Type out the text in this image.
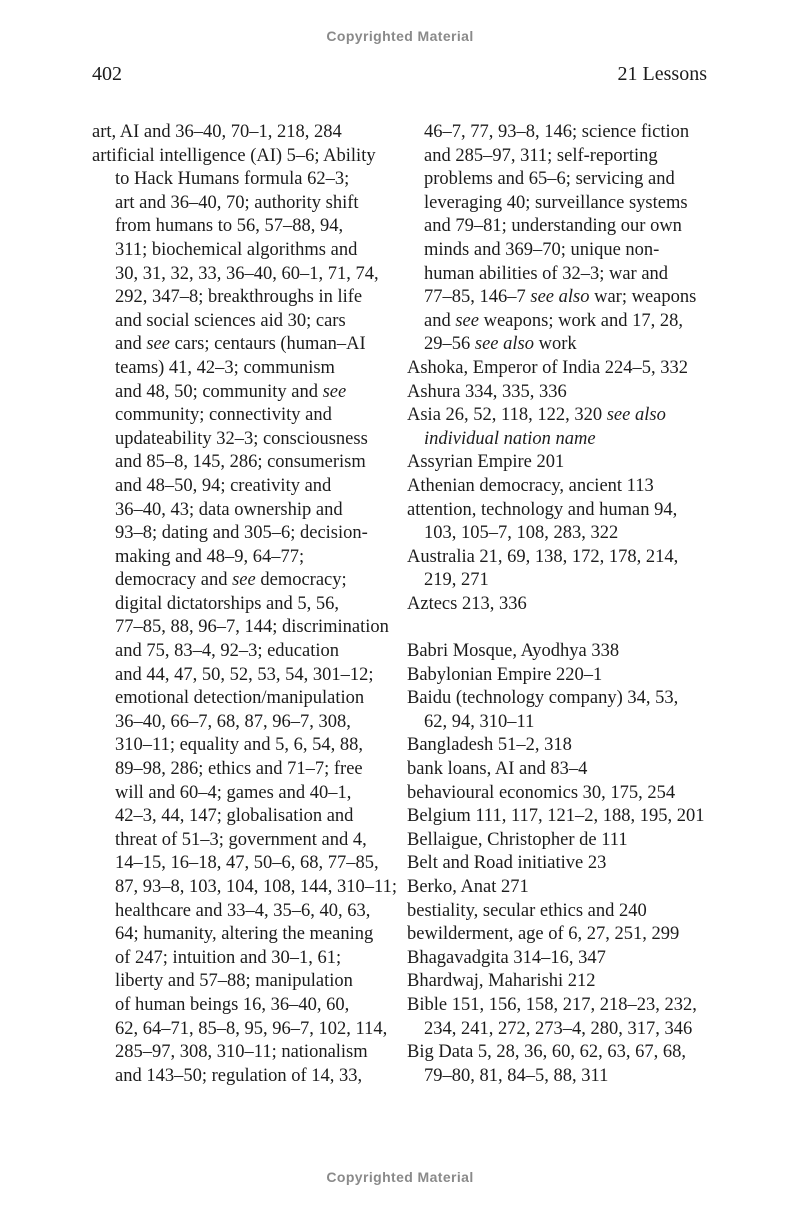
Copyrighted Material
402	21 Lessons
art, AI and 36–40, 70–1, 218, 284
artificial intelligence (AI) 5–6; Ability
to Hack Humans formula 62–3;
art and 36–40, 70; authority shift
from humans to 56, 57–88, 94,
311; biochemical algorithms and
30, 31, 32, 33, 36–40, 60–1, 71, 74,
292, 347–8; breakthroughs in life
and social sciences aid 30; cars
and see cars; centaurs (human–AI
teams) 41, 42–3; communism
and 48, 50; community and see
community; connectivity and
updateability 32–3; consciousness
and 85–8, 145, 286; consumerism
and 48–50, 94; creativity and
36–40, 43; data ownership and
93–8; dating and 305–6; decision-
making and 48–9, 64–77;
democracy and see democracy;
digital dictatorships and 5, 56,
77–85, 88, 96–7, 144; discrimination
and 75, 83–4, 92–3; education
and 44, 47, 50, 52, 53, 54, 301–12;
emotional detection/manipulation
36–40, 66–7, 68, 87, 96–7, 308,
310–11; equality and 5, 6, 54, 88,
89–98, 286; ethics and 71–7; free
will and 60–4; games and 40–1,
42–3, 44, 147; globalisation and
threat of 51–3; government and 4,
14–15, 16–18, 47, 50–6, 68, 77–85,
87, 93–8, 103, 104, 108, 144, 310–11;
healthcare and 33–4, 35–6, 40, 63,
64; humanity, altering the meaning
of 247; intuition and 30–1, 61;
liberty and 57–88; manipulation
of human beings 16, 36–40, 60,
62, 64–71, 85–8, 95, 96–7, 102, 114,
285–97, 308, 310–11; nationalism
and 143–50; regulation of 14, 33,
46–7, 77, 93–8, 146; science fiction
and 285–97, 311; self-reporting
problems and 65–6; servicing and
leveraging 40; surveillance systems
and 79–81; understanding our own
minds and 369–70; unique non-
human abilities of 32–3; war and
77–85, 146–7 see also war; weapons
and see weapons; work and 17, 28,
29–56 see also work
Ashoka, Emperor of India 224–5, 332
Ashura 334, 335, 336
Asia 26, 52, 118, 122, 320 see also
individual nation name
Assyrian Empire 201
Athenian democracy, ancient 113
attention, technology and human 94,
103, 105–7, 108, 283, 322
Australia 21, 69, 138, 172, 178, 214,
219, 271
Aztecs 213, 336
Babri Mosque, Ayodhya 338
Babylonian Empire 220–1
Baidu (technology company) 34, 53,
62, 94, 310–11
Bangladesh 51–2, 318
bank loans, AI and 83–4
behavioural economics 30, 175, 254
Belgium 111, 117, 121–2, 188, 195, 201
Bellaigue, Christopher de 111
Belt and Road initiative 23
Berko, Anat 271
bestiality, secular ethics and 240
bewilderment, age of 6, 27, 251, 299
Bhagavadgita 314–16, 347
Bhardwaj, Maharishi 212
Bible 151, 156, 158, 217, 218–23, 232,
234, 241, 272, 273–4, 280, 317, 346
Big Data 5, 28, 36, 60, 62, 63, 67, 68,
79–80, 81, 84–5, 88, 311
Copyrighted Material
